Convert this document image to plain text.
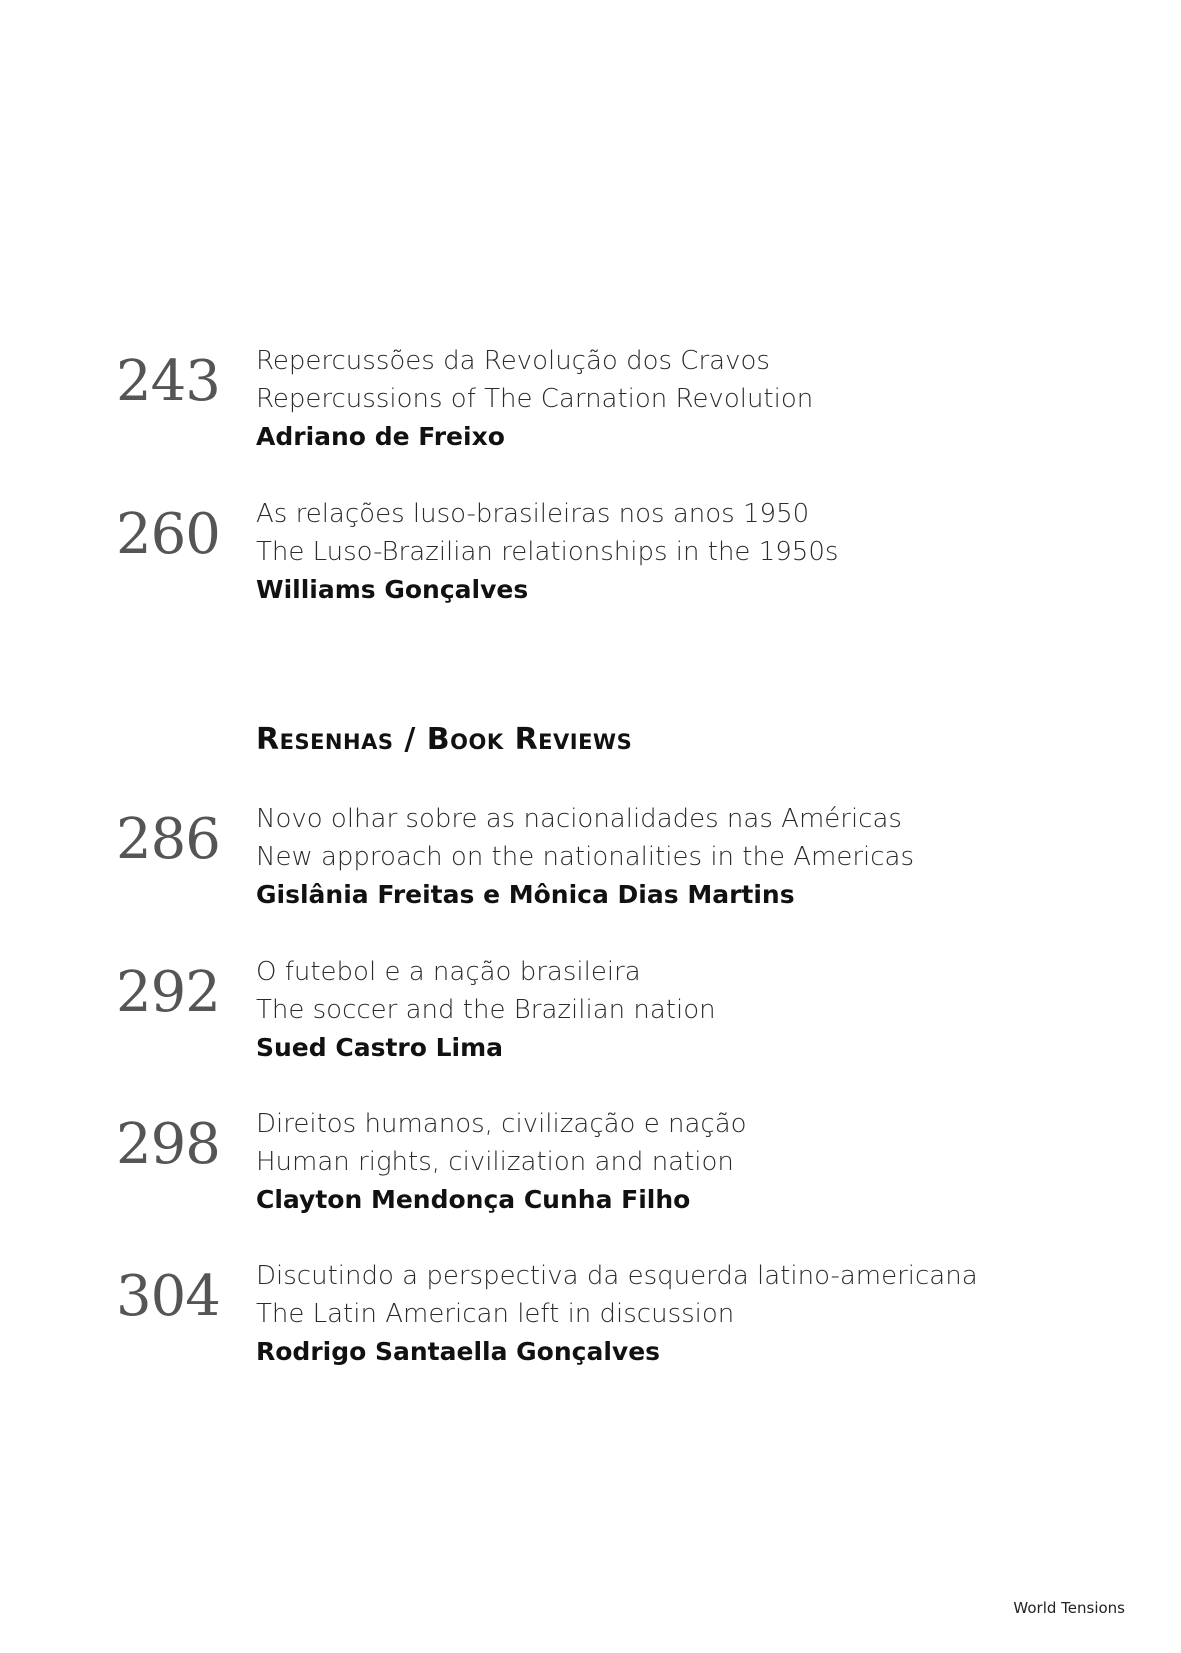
243 Repercussões da Revolução dos Cravos
Repercussions of The Carnation Revolution
Adriano de Freixo
260 As relações luso-brasileiras nos anos 1950
The Luso-Brazilian relationships in the 1950s
Williams Gonçalves
Resenhas / Book Reviews
286 Novo olhar sobre as nacionalidades nas Américas
New approach on the nationalities in the Americas
Gislânia Freitas e Mônica Dias Martins
292 O futebol e a nação brasileira
The soccer and the Brazilian nation
Sued Castro Lima
298 Direitos humanos, civilização e nação
Human rights, civilization and nation
Clayton Mendonça Cunha Filho
304 Discutindo a perspectiva da esquerda latino-americana
The Latin American left in discussion
Rodrigo Santaella Gonçalves
World Tensions
